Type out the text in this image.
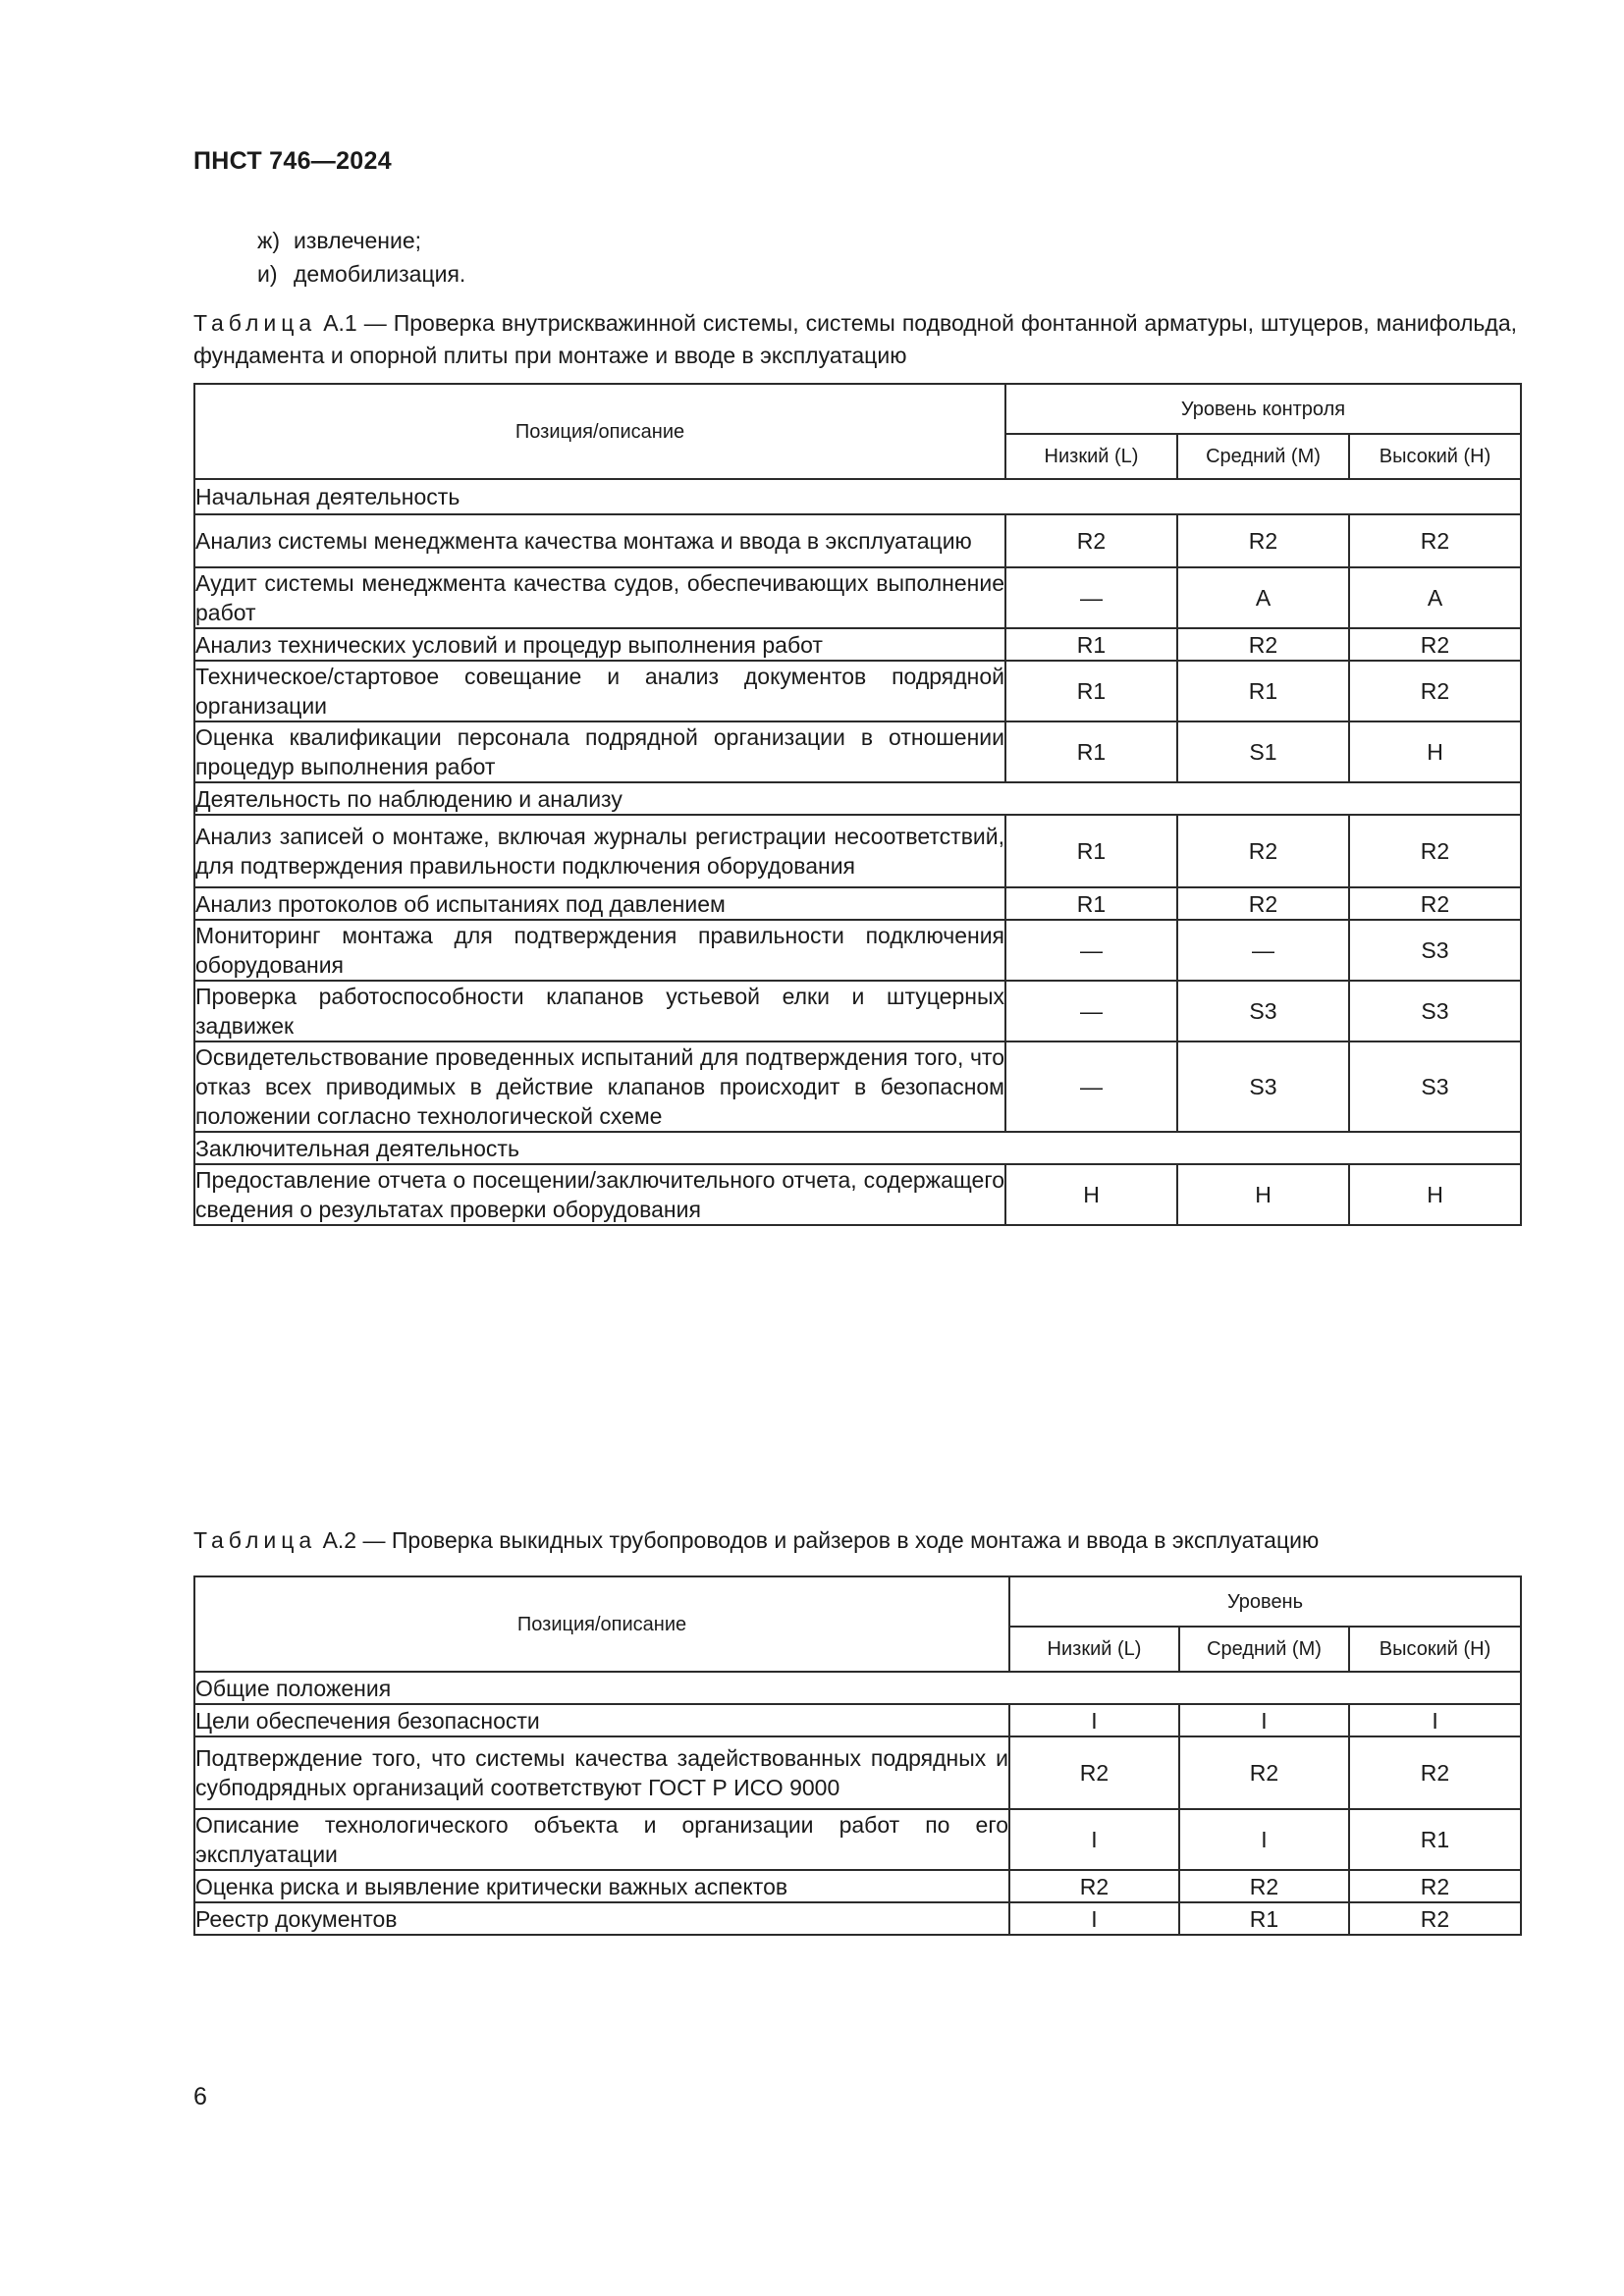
ПНСТ 746—2024
ж) извлечение;
и) демобилизация.
Таблица А.1 — Проверка внутрискважинной системы, системы подводной фонтанной арматуры, штуцеров, манифольда, фундамента и опорной плиты при монтаже и вводе в эксплуатацию
Позиция/описание	Уровень контроля		
	Низкий (L)	Средний (M)	Высокий (H)
Начальная деятельность			
Анализ системы менеджмента качества монтажа и ввода в эксплуатацию	R2	R2	R2
Аудит системы менеджмента качества судов, обеспечивающих выполнение работ	—	А	А
Анализ технических условий и процедур выполнения работ	R1	R2	R2
Техническое/стартовое совещание и анализ документов подрядной организации	R1	R1	R2
Оценка квалификации персонала подрядной организации в отношении процедур выполнения работ	R1	S1	H
Деятельность по наблюдению и анализу			
Анализ записей о монтаже, включая журналы регистрации несоответствий, для подтверждения правильности подключения оборудования	R1	R2	R2
Анализ протоколов об испытаниях под давлением	R1	R2	R2
Мониторинг монтажа для подтверждения правильности подключения оборудования	—	—	S3
Проверка работоспособности клапанов устьевой елки и штуцерных задвижек	—	S3	S3
Освидетельствование проведенных испытаний для подтверждения того, что отказ всех приводимых в действие клапанов происходит в безопасном положении согласно технологической схеме	—	S3	S3
Заключительная деятельность			
Предоставление отчета о посещении/заключительного отчета, содержащего сведения о результатах проверки оборудования	H	H	H
Таблица А.2 — Проверка выкидных трубопроводов и райзеров в ходе монтажа и ввода в эксплуатацию
Позиция/описание	Уровень		
	Низкий (L)	Средний (M)	Высокий (H)
Общие положения			
Цели обеспечения безопасности	I	I	I
Подтверждение того, что системы качества задействованных подрядных и субподрядных организаций соответствуют ГОСТ Р ИСО 9000	R2	R2	R2
Описание технологического объекта и организации работ по его эксплуатации	I	I	R1
Оценка риска и выявление критически важных аспектов	R2	R2	R2
Реестр документов	I	R1	R2
6
